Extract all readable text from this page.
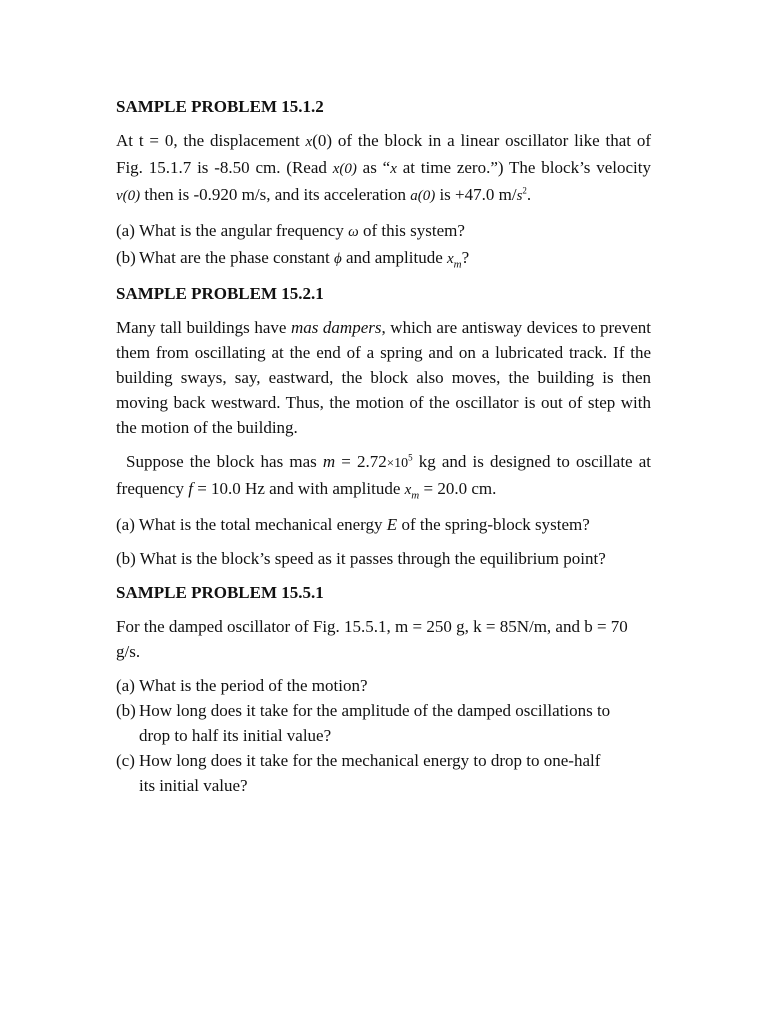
SAMPLE PROBLEM 15.1.2

At t = 0, the displacement x(0) of the block in a linear oscillator like that of Fig. 15.1.7 is -8.50 cm. (Read x(0) as “x at time zero.”) The block’s velocity v(0) then is -0.920 m/s, and its acceleration a(0) is +47.0 $m/s^2$.

(a) What is the angular frequency ω of this system?
(b) What are the phase constant ϕ and amplitude $x_m$?
SAMPLE PROBLEM 15.2.1

Many tall buildings have mas dampers, which are antisway devices to prevent them from oscillating at the end of a spring and on a lubricated track. If the building sways, say, eastward, the block also moves, the building is then moving back westward. Thus, the motion of the oscillator is out of step with the motion of the building.

Suppose the block has mas $m = 2.72\times 10^5$ kg and is designed to oscillate at frequency f = 10.0 Hz and with amplitude $x_m = 20.0$ cm.

(a) What is the total mechanical energy E of the spring-block system?

(b) What is the block’s speed as it passes through the equilibrium point?

SAMPLE PROBLEM 15.5.1

For the damped oscillator of Fig. 15.5.1, m = 250 g, k = 85N/m, and b = 70 g/s.

(a) What is the period of the motion?
(b) How long does it take for the amplitude of the damped oscillations to
drop to half its initial value?
(c) How long does it take for the mechanical energy to drop to one-half
its initial value?
